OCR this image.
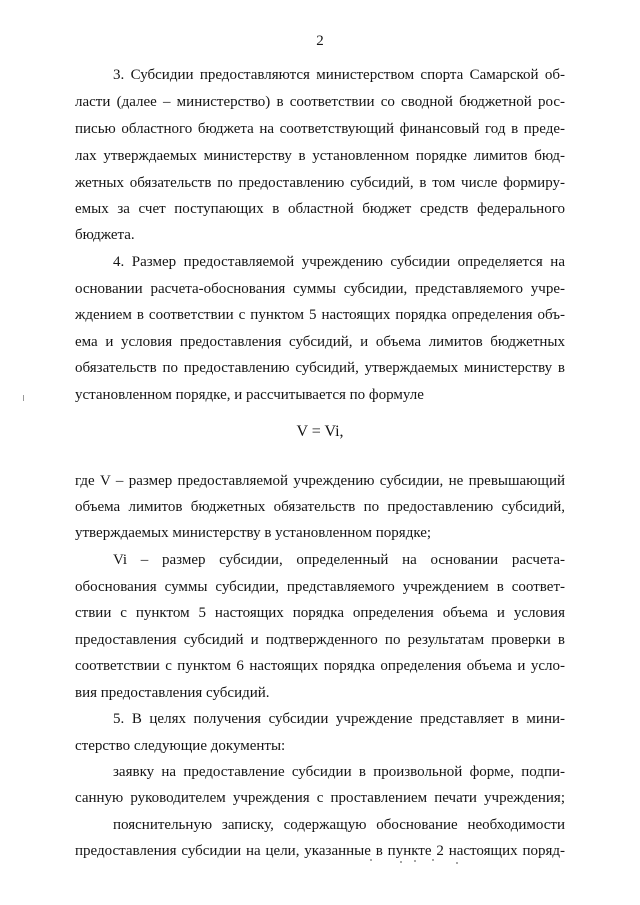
2
3. Субсидии предоставляются министерством спорта Самарской об-
ласти (далее – министерство) в соответствии со сводной бюджетной рос-
писью областного бюджета на соответствующий финансовый год в преде-
лах утверждаемых министерству в установленном порядке лимитов бюд-
жетных обязательств по предоставлению субсидий, в том числе формиру-
емых за счет поступающих в областной бюджет средств федерального
бюджета.
4. Размер предоставляемой учреждению субсидии определяется на
основании расчета-обоснования суммы субсидии, представляемого учре-
ждением в соответствии с пунктом 5 настоящих порядка определения объ-
ема и условия предоставления субсидий, и объема лимитов бюджетных
обязательств по предоставлению субсидий, утверждаемых министерству в
установленном порядке, и рассчитывается по формуле
V = Vi,
где V – размер предоставляемой учреждению субсидии, не превышающий
объема лимитов бюджетных обязательств по предоставлению субсидий,
утверждаемых министерству в установленном порядке;
Vi – размер субсидии, определенный на основании расчета-
обоснования суммы субсидии, представляемого учреждением в соответ-
ствии с пунктом 5 настоящих порядка определения объема и условия
предоставления субсидий и подтвержденного по результатам проверки в
соответствии с пунктом 6 настоящих порядка определения объема и усло-
вия предоставления субсидий.
5. В целях получения субсидии учреждение представляет в мини-
стерство следующие документы:
заявку на предоставление субсидии в произвольной форме, подпи-
санную руководителем учреждения с проставлением печати учреждения;
пояснительную записку, содержащую обоснование необходимости
предоставления субсидии на цели, указанные в пункте 2 настоящих поряд-
